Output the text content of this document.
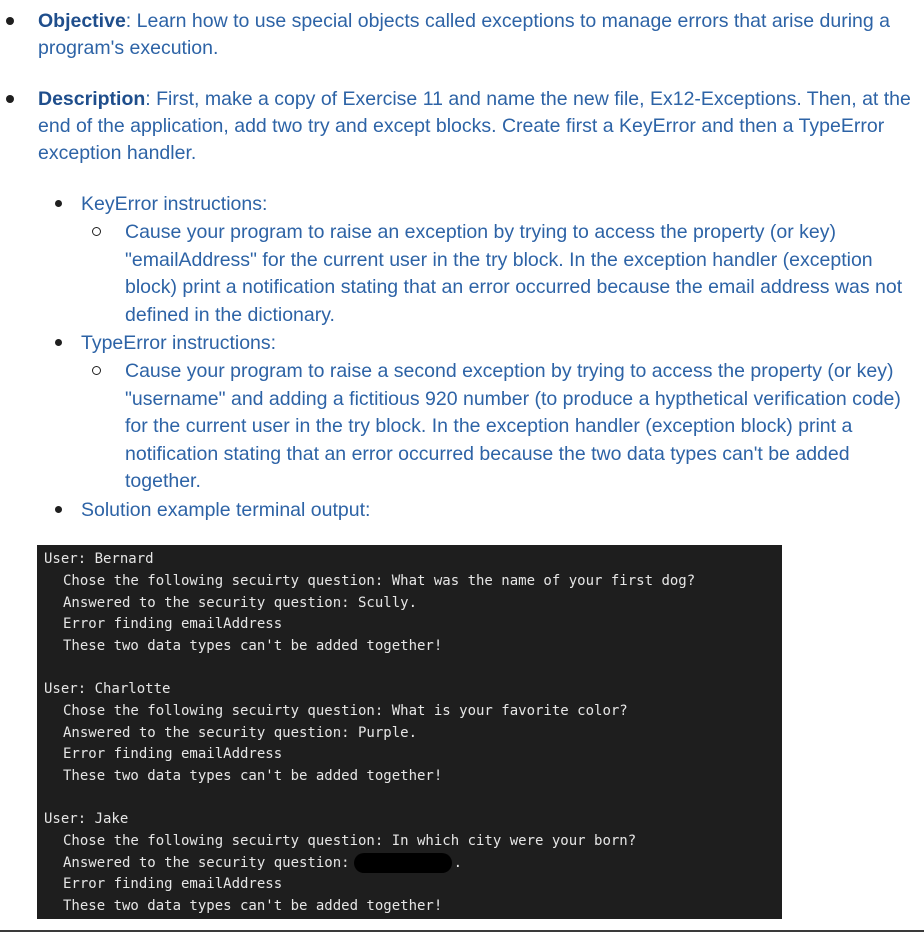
Objective: Learn how to use special objects called exceptions to manage errors that arise during a program's execution.
Description: First, make a copy of Exercise 11 and name the new file, Ex12-Exceptions. Then, at the end of the application, add two try and except blocks. Create first a KeyError and then a TypeError exception handler.
KeyError instructions:
Cause your program to raise an exception by trying to access the property (or key) "emailAddress" for the current user in the try block. In the exception handler (exception block) print a notification stating that an error occurred because the email address was not defined in the dictionary.
TypeError instructions:
Cause your program to raise a second exception by trying to access the property (or key) "username" and adding a fictitious 920 number (to produce a hypthetical verification code) for the current user in the try block. In the exception handler (exception block) print a notification stating that an error occurred because the two data types can't be added together.
Solution example terminal output:
User: Bernard
Chose the following secuirty question: What was the name of your first dog?
Answered to the security question: Scully.
Error finding emailAddress
These two data types can't be added together!
User: Charlotte
Chose the following secuirty question: What is your favorite color?
Answered to the security question: Purple.
Error finding emailAddress
These two data types can't be added together!
User: Jake
Chose the following secuirty question: In which city were your born?
Answered to the security question:	.
Error finding emailAddress
These two data types can't be added together!
